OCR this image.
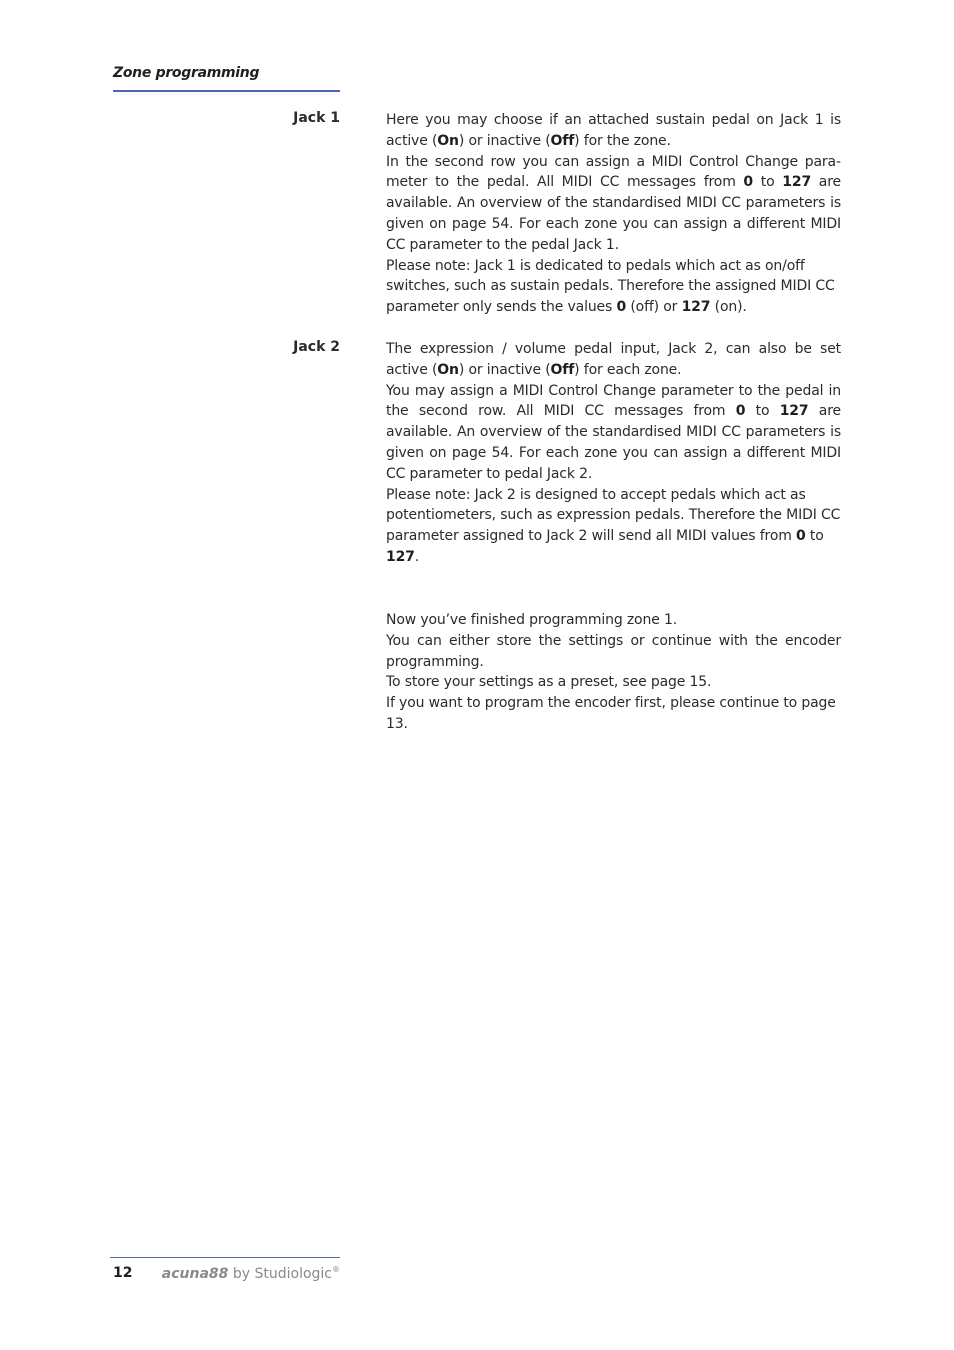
Zone programming
Jack 1	Here you may choose if an attached sustain pedal on Jack 1 is active (On) or inactive (Off) for the zone.

In the second row you can assign a MIDI Control Change parameter to the pedal. All MIDI CC messages from 0 to 127 are available. An overview of the standardised MIDI CC parameters is given on page 54. For each zone you can assign a different MIDI CC parameter to the pedal Jack 1.

Please note: Jack 1 is dedicated to pedals which act as on/off switches, such as sustain pedals. Therefore the assigned MIDI CC parameter only sends the values 0 (off) or 127 (on).

Jack 2	The expression / volume pedal input, Jack 2, can also be set active (On) or inactive (Off) for each zone.

You may assign a MIDI Control Change parameter to the pedal in the second row. All MIDI CC messages from 0 to 127 are available. An overview of the standardised MIDI CC parameters is given on page 54. For each zone you can assign a different MIDI CC parameter to pedal Jack 2.

Please note: Jack 2 is designed to accept pedals which act as potentiometers, such as expression pedals. Therefore the MIDI CC parameter assigned to Jack 2 will send all MIDI values from 0 to 127.

Now you’ve finished programming zone 1.

You can either store the settings or continue with the encoder programming.

To store your settings as a preset, see page 15.

If you want to program the encoder first, please continue to page 13.

12 acuna88 by Studiologic®
